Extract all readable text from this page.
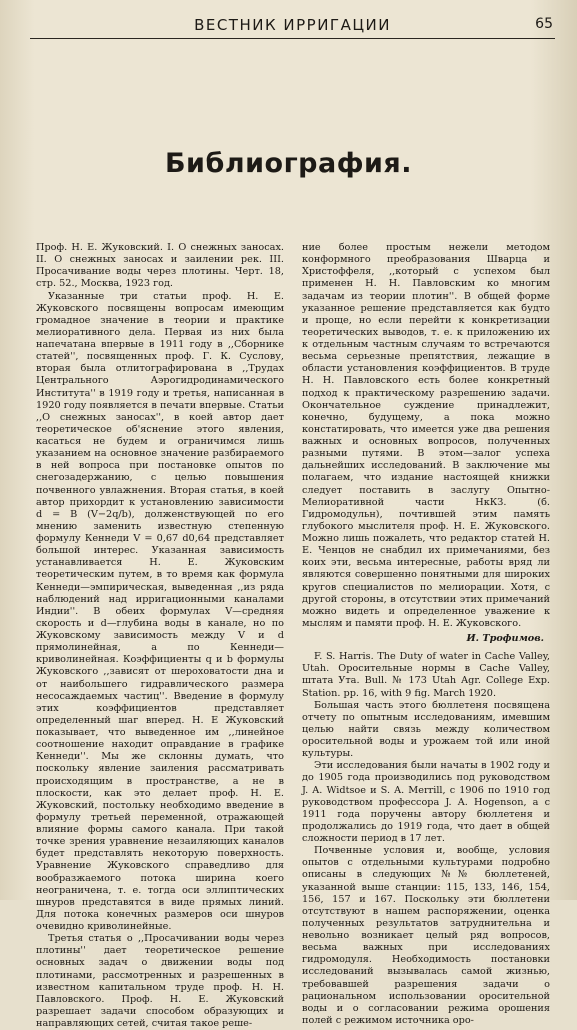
ВЕСТНИК ИРРИГАЦИИ	65
Библиография.

Проф. Н. Е. Жуковский. I. О снежных заносах. II. О снежных заносах и заилении рек. III. Просачивание воды через плотины. Черт. 18, стр. 52., Москва, 1923 год.

Указанные три статьи проф. Н. Е. Жуковского посвящены вопросам имеющим громадное значение в теории и практике мелиоративного дела. Первая из них была напечатана впервые в 1911 году в ,,Сборнике статей'', посвященных проф. Г. К. Суслову, вторая была отлитографирована в ,,Трудах Центрального Аэрогидродинамического Института'' в 1919 году и третья, написанная в 1920 году появляется в печати впервые. Статьи ,,О снежных заносах'', в коей автор дает теоретическое об'яснение этого явления, касаться не будем и ограничимся лишь указанием на основное значение разбираемого в ней вопроса при постановке опытов по снегозадержанию, с целью повышения почвенного увлажнения. Вторая статья, в коей автор прихордит к установлению зависимости d = B (V−2q/b), долженствующей по его мнению заменить известную степенную формулу Кеннеди V = 0,67 d0,64 представляет большой интерес. Указанная зависимость устанавливается Н. Е. Жуковским теоретическим путем, в то время как формула Кеннеди—эмпирическая, выведенная ,,из ряда наблюдений над ирригационными каналами Индии''. В обеих формулах V—средняя скорость и d—глубина воды в канале, но по Жуковскому зависимость между V и d прямолинейная, а по Кеннеди—криволинейная. Коэффициенты q и b формулы Жуковского ,,зависят от шероховатости дна и от наибольшего гидравлического размера несосаждаемых частиц''. Введение в формулу этих коэффициентов представляет определенный шаг вперед. Н. Е Жуковский показывает, что выведенное им ,,линейное соотношение находит оправдание в графике Кеннеди''. Мы же склонны думать, что поскольку явление заиления рассматривать происходящим в пространстве, а не в плоскости, как это делает проф. Н. Е. Жуковский, постольку необходимо введение в формулу третьей переменной, отражающей влияние формы самого канала. При такой точке зрения уравнение незаиляющих каналов будет представлять некоторую поверхность. Уравнение Жуковского справедливо для вообразжаемого потока ширина коего неограничена, т. е. тогда оси эллиптических шнуров представятся в виде прямых линий. Для потока конечных размеров оси шнуров очевидно криволинейные.

Третья статья о ,,Просачивании воды через плотины'' дает теоретическое решение основных задач о движении воды под плотинами, рассмотренных и разрешенных в известном капитальном труде проф. Н. Н. Павловского. Проф. Н. Е. Жуковский разрешает задачи способом образующих и направляющих сетей, считая такое реше-

ние более простым нежели методом конформного преобразования Шварца и Христоффеля, ,,который с успехом был применен Н. Н. Павловским ко многим задачам из теории плотин''. В общей форме указанное решение представляется как будто и проще, но если перейти к конкретизации теоретических выводов, т. е. к приложению их к отдельным частным случаям то встречаются весьма серьезные препятствия, лежащие в области установления коэффициентов. В труде Н. Н. Павловского есть более конкретный подход к практическому разрешению задачи. Окончательное суждение принадлежит, конечно, будущему, а пока можно констатировать, что имеется уже два решения важных и основных вопросов, полученных разными путями. В этом—залог успеха дальнейших исследований. В заключение мы полагаем, что издание настоящей книжки следует поставить в заслугу Опытно-Мелиоративной части НкКЗ. (б. Гидромодульн), почтившей этим память глубокого мыслителя проф. Н. Е. Жуковского. Можно лишь пожалеть, что редактор статей Н. Е. Ченцов не снабдил их примечаниями, без коих эти, весьма интересные, работы вряд ли являются совершенно понятными для широких кругов специалистов по мелиорации. Хотя, с другой стороны, в отсутствии этих примечаний можно видеть и определенное уважение к мыслям и памяти проф. Н. Е. Жуковского.

И. Трофимов.

F. S. Harris. The Duty of water in Cache Valley, Utah. Оросительные нормы в Cache Valley, штата Ута. Bull. № 173 Utah Agr. College Exp. Station. pp. 16, with 9 fig. March 1920.

Большая часть этого бюллетеня посвящена отчету по опытным исследованиям, имевшим целью найти связь между количеством оросительной воды и урожаем той или иной культуры.

Эти исследования были начаты в 1902 году и до 1905 года производились под руководством J. A. Widtsoe и S. A. Merrill, с 1906 по 1910 год руководством профессора J. A. Hogenson, а с 1911 года поручены автору бюллетеня и продолжались до 1919 года, что дает в общей сложности период в 17 лет.

Почвенные условия и, вообще, условия опытов с отдельными культурами подробно описаны в следующих №№ бюллетеней, указанной выше станции: 115, 133, 146, 154, 156, 157 и 167. Поскольку эти бюллетени отсутствуют в нашем распоряжении, оценка полученных результатов затруднительна и невольно возникает целый ряд вопросов, весьма важных при исследованиях гидромодуля. Необходимость постановки исследований вызывалась самой жизнью, требовавшей разрешения задачи о рациональном использовании оросительной воды и о согласовании режима орошения полей с режимом источника оро-
